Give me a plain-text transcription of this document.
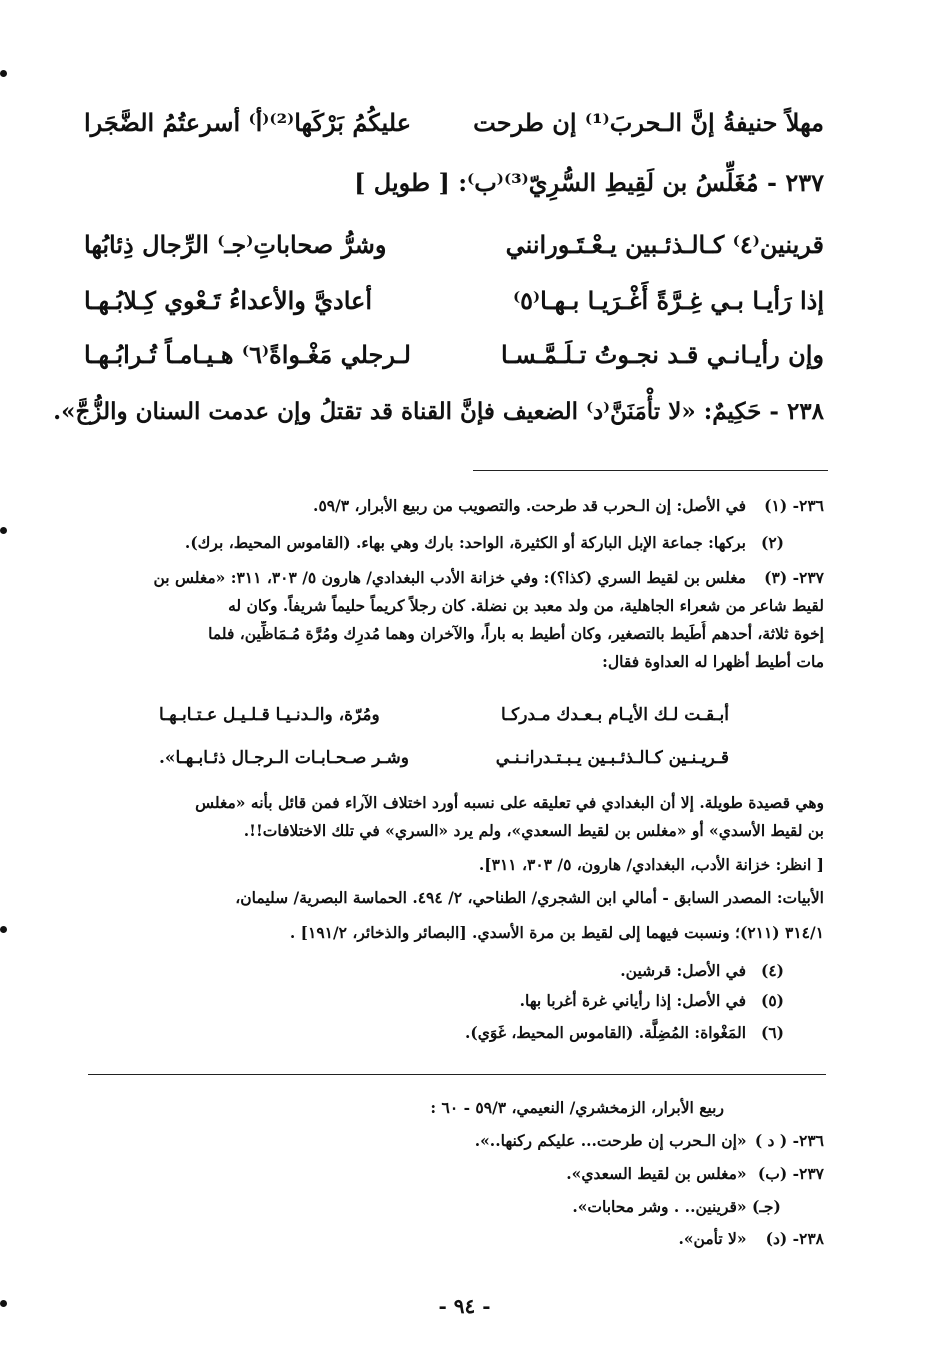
مهلاً حنيفةُ إنَّ الـحربَ⁽¹⁾ إن طرحت
عليكُمُ بَرْكَها⁽²⁾⁽أ⁾ أسرعتُمُ الضَّجَرا
٢٣٧ - مُغَلِّسُ بن لَقِيطِ السُّرِيّ⁽³⁾⁽ب⁾: [ طويل ]
قرينين⁽٤⁾ كـالـذئـبين يـعْـتَـورانني
وشرُّ صحاباتِ⁽جـ⁾ الرِّجال ذِئابُها
إذا رَأيـا بـي غِـرَّةً أَغْـرَيـا بـهـا⁽٥⁾
أعاديَّ والأعداءُ تَـعْوي كِـلابُـهـا
وإن رأيـانـي قـد نجـوتُ تـلَـمَّـسـا
لـرجلي مَغْـواةً⁽٦⁾ هـيـامـاً تُـرابُـهـا
٢٣٨ - حَكِيمٌ: «لا تأْمَنَنَّ⁽د⁾ الضعيف فإنَّ القناة قد تقتلُ وإن عدمت السنان والزُّجَّ».
٢٣٦- (١)
في الأصل: إن الـحرب قد طرحت. والتصويب من ربيع الأبرار، ٥٩/٣.
(٢)
بركها: جماعة الإبل الباركة أو الكثيرة، الواحد: بارك وهي بهاء. (القاموس المحيط، برك).
٢٣٧- (٣)
مغلس بن لقيط السري (كذا؟): وفي خزانة الأدب البغدادي/ هارون ٥/ ٣٠٣، ٣١١: «مغلس بن
لقيط شاعر من شعراء الجاهلية، من ولد معبد بن نضلة. كان رجلاً كريماً حليماً شريفاً. وكان له
إخوة ثلاثة، أحدهم أُطَيط بالتصغير، وكان أطيط به باراً، والآخران وهما مُدرِك ومُرَّة مُـمَاظِّين، فلما
مات أطيط أظهرا له العداوة فقال:
أبـقـت لـك الأيـام بـعـدك مـدركـا
ومُرّة، والـدنـيـا قـلـيـل عـتـابـهـا
قـريـنـين كـالـذئـبـين يـبـتـدرانـنـي
وشـر صـحـابـات الـرجـال ذئـابـهـا».
وهي قصيدة طويلة. إلا أن البغدادي في تعليقه على نسبه أورد اختلاف الآراء فمن قائل بأنه «مغلس
بن لقيط الأسدي» أو «مغلس بن لقيط السعدي»، ولم يرد «السري» في تلك الاختلافات!!.
[ انظر: خزانة الأدب، البغدادي/ هارون، ٥/ ٣٠٣، ٣١١].
الأبيات: المصدر السابق - أمالي ابن الشجري/ الطناحي، ٢/ ٤٩٤. الحماسة البصرية/ سليمان،
٣١٤/١ (٢١١)؛ ونسبت فيهما إلى لقيط بن مرة الأسدي. [البصائر والذخائر، ١٩١/٢] .
(٤)
في الأصل: قرشين.
(٥)
في الأصل: إذا رأياني غرة أغربا بها.
(٦)
المَغْواة: المُضِلَّة. (القاموس المحيط، غَوَي).
ربيع الأبرار، الزمخشري/ النعيمي، ٥٩/٣ - ٦٠ :
٢٣٦- ( د ) «إن الـحرب إن طرحت... عليكم ركنها..».
٢٣٧- (ب) «مغلس بن لقيط السعدي».
(جـ) «قرينين.. . وشر محابات».
٢٣٨- (د) «لا تأمن».
- ٩٤ -
